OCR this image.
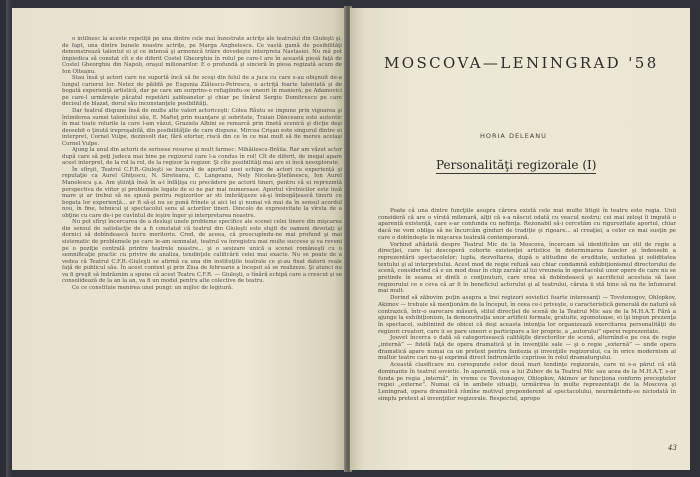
o intilnesc la aceste repetiţii pe una dintre cele mai înzestrate actriţe ale teatrului din Giuleşti şi, de fapt, una dintre bunele noastre actriţe, pe Marga Anghelescu. Ce vastă gamă de posibilităţi demonstrează talentul ei şi ce intensă şi armonică trăire dovedeşte interpreta Nastasiei. Nu mă pot împiedica să constat cît e de diferit Costel Gheorghiu în rolul pe care-l are în această piesă faţă de Costel Gheorghiu din Napoli, oraşul milionarilor. E o profundă şi sinceră în piesa regizată acum de Ion Olteanu.

Stau însă şi actori care nu suportă încă să fie scoşi din felul de a juca cu care s-au obişnuit de-a lungul carierei lor. Netez de păildă pe Eugenia Zlătescu-Petrescu, o actriţă foarte talentată şi de bogată experienţă artistică, dar pe care am surprins-o refugiindu-se uneori în manieră; pe Adamovici pe care-l urmăreşte păcatul repetării şabloanelor şi chiar pe tînărul Sergiu Dumitrescu pe care decisul de blazat, dorul său inconstanţele posibilităţi.

Dar teatrul dispune însă de multe alte valori actoriceşti: Colea Răutu se impune prin vigoarea şi întinderea sumei talentului său, E. Mafteţ prin nuanţare şi sobritate, Traian Dănceanu este autentic în mai toate rolurile la care l-am văzut, Graziela Albini se remarcă prin finetă scenică şi dicţie deşi deosebit o ţinută ireproşabilă, din posibilităţile de care dispune. Mircea Crişan este singurul dintre ei interpret, Cornel Vulpe, dezinvolt dar, fără efortur, riscă din ce în ce mai mult să fie mereu acelaşi Cornel Vulpe.

Ajung la unul din actorii de seriosse resurse şi mult farmec: Mihăilescu-Brăila. Rar am văzut actor după care să poţi judeca mai bine pe regizorul care l-a condus în rol! Cît de diferit, de inegal apare acest interpret, de la rol la rol, de la regizor la regizor. Şi cîte posibilităţi mai are ei încă neexplorate.

În sfîrşit, Teatrul C.F.R.-Giuleşti se bucură de aportul unei echipe de actori cu experienţă şi reputaţie ca Aurel Ghiţescu, N. Sireteanu, C. Langeanu, Nely Nicolau-Ştefănescu, Ion Aurel Manolescu ş.a. Am ştiinţă însă în a-l înfăţişa cu precădere pe actorii tineri, pentru că ei reprezintă perspectiva de viitor şi problemele legate de ei ne par mai numeroase. Aportul vîrstnicilor este însă mare şi ar trebui să ne spună pentru regizorilor ar sti îmbrăţişeze să-şi îmbogăţească tinerii cu bogata lor experienţă... ar fi să-şi nu se pună frînele şi aici lei şi numai vă mai da în sensul acordul nou, în fine, tehnicul şi spectacolul sens al actorilor tineri. Dincolo de expresivitate la vîrsta de a obţine cu care de-i pe cuvîntul de ieşire înger şi interpretarea noastre.

Nu pot sfîrşi încercarea de a desluşi unele probleme specifice ale scenei celei tinere din mişcarea din sensul de satisfacţie de a fi constatat că teatrul din Giuleşti este slujit de oameni devotaţi şi dornici să dobîndească lucru meritoriu. Cred, de aceea, că preocupîndu-ne mai profund şi mai sistematic de problemele pe care le-am semnalat, teatrul va înregistra mai multe succese şi va reveni pe o poziţie centrală printre teatrele noastre... şi o sesizare unică a scenei româneşti cu o semnificaţie practic cu privire de analiza, tendinţele calificării celei mai exacte. Nu se poate de a vedea că Teatrul C.F.R.-Giuleşti se afirmă ca una din instituţiile teatrale ce şi-au fixat datorii reale faţă de publicul său. În acest context şi prin Ziua de februarie a început să se realizeze. Şi atunci nu va fi greşit să îndrăznim a spune că acest Teatru C.F.R. — Giuleşti, o tînără echipă care a crescut şi se consolidează de la an la an, va fi un model pentru alte colective de teatru.

Ce ce constituie menirea unei pungi: un mijloc de legitură.

MOSCOVA—LENINGRAD '58
HORIA DELEANU
Personalităţi regizorale (I)

Poate că una dintre funcţiile asupra cărora există cele mai multe litigii în teatru este regia. Unii consideră că are o vîrstă milenară, alţii că s-a născut odată cu veacul nostru; cei mai zeloşi îi impută o aparentă existenţă, care s-ar confunda cu nefiinţa. Rezonabil să-i cercetăm cu rigurozitate aportul, chiar dacă ne vom obliga să ne încurcăm gînduri de tradiţie şi rigoare... al creaţiei, a celor ce mai susţin pe care o dobîndeşte în mişcarea teatrală contemporană.

Vorbind altădată despre Teatrul Mic de la Moscova, încercam să identificăm un stil de regie a direcţiei, care îşi descoperă cohorte existenţei artistice în determinarea fazelor şi îndeosebi a reprezentării spectacolelor; lupta, dezvoltarea, după o atitudine de eruditate, unitatea şi soliditatea textului şi al interpretului. Acest mod de regie refuză sau chiar condamnă exhibiţionismul directorului de scenă, considerînd că e un mod doar în chip zarzăr al lui vreuneia în spectacolul unor opere de care nu se pretinde în seama ei dintîi o conţinuturi, care vrea să dobîndească şi sacrificiul acestuia să lase regizorului ce e ceva că ar fi în beneficiul actorului şi al teatrului, căruia ii stă bine să nu fie înfumurat mai mult.

Dorind să zăbovim puţin asupra a trei regizori sovietici foarte interesanţi — Tovstonogov, Ohlopkov, Akimov — trebuie să menţionăm de la început, în ceea ce-i priveşte, o caracteristică generală de natură să contrazică, într-o oarecare măsură, stilul direcţiei de scenă de la Teatrul Mic sau de la M.H.A.T. Fără a ajunge la exhibiţionism, la demonstraţia unor artificii formale, gratuite, zgomotoase, ei îşi impun prezenţa în spectacol, subliniind de obicei că deşi aceasta intenţia lor organizează exercitarea personalităţii de regizori creatori, care ii se pare uneori o participare a lor proprie, a „autorului” operei reprezentate.

Jouvet încerca o dată să categorisească calităţile directorilor de scenă, alternînd-o pe cea de regie „internă” — fidelă faţă de opera dramatică şi în invenţiile sale — şi o regie „externă” — unde opera dramatică apare numai ca un pretext pentru fantezia şi invenţiile regizorului, ca în orice modernism al multor teatre cari nu-şi exprimă direct îndrumările cuprinse în rolul dramaturgului.

Această clasificare nu corespunde celor două mari tendinţe regizorale, care ni s-a părut că stă dominante în teatrul sovietic. În aparenţă, cea a lui Zubov de la Teatrul Mic sau acea de la M.H.A.T. s-ar funda pe regia „internă”, în vreme ce Tovstonogov, Ohlopkov, Akimov ar funcţiona conform preceptelor regiei „externe”. Numai că în ambele situaţii, urmărirea în multe reprezentaţii de la Moscova şi Leningrad, opera dramatică rămîne motivul preponderent al spectacolului, neurmărindu-se niciodată în simplu pretext al invenţiilor regizorale. Respectul, apropo

43
